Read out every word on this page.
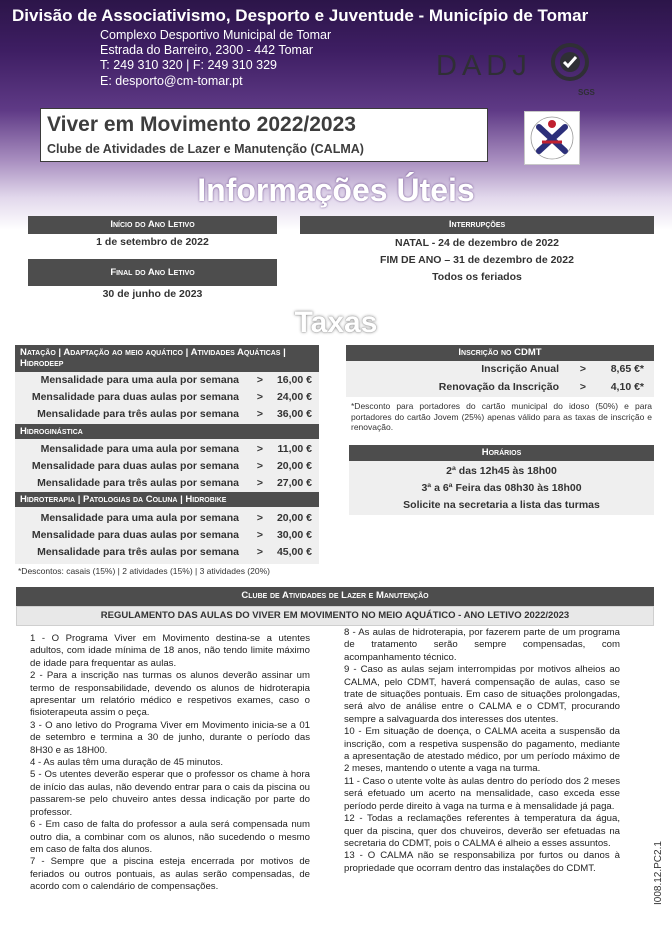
Divisão de Associativismo, Desporto e Juventude - Município de Tomar
Complexo Desportivo Municipal de Tomar
Estrada do Barreiro, 2300 - 442 Tomar
T: 249 310 320 | F: 249 310 329
E: desporto@cm-tomar.pt	DADJ
SGS
Viver em Movimento 2022/2023
Clube de Atividades de Lazer e Manutenção (CALMA)
Informações Úteis
Início do Ano Letivo
1 de setembro de 2022
Final do Ano Letivo
30 de junho de 2023
Interrupções
NATAL - 24 de dezembro de 2022
FIM DE ANO – 31 de dezembro de 2022
Todos os feriados
Taxas
Natação | Adaptação ao meio aquático | Atividades Aquáticas | Hidrodeep
Mensalidade para uma aula por semana > 16,00 €
Mensalidade para duas aulas por semana > 24,00 €
Mensalidade para três aulas por semana > 36,00 €
Hidroginástica
Mensalidade para uma aula por semana > 11,00 €
Mensalidade para duas aulas por semana > 20,00 €
Mensalidade para três aulas por semana > 27,00 €
Hidroterapia | Patologias da Coluna | Hidrobike
Mensalidade para uma aula por semana > 20,00 €
Mensalidade para duas aulas por semana > 30,00 €
Mensalidade para três aulas por semana > 45,00 €
*Descontos: casais (15%) | 2 atividades (15%) | 3 atividades (20%)
Inscrição no CDMT
Inscrição Anual > 8,65 €*
Renovação da Inscrição > 4,10 €*
*Desconto para portadores do cartão municipal do idoso (50%) e para portadores do cartão Jovem (25%) apenas válido para as taxas de inscrição e renovação.
Horários
2ª das 12h45 às 18h00
3ª a 6ª Feira das 08h30 às 18h00
Solicite na secretaria a lista das turmas
Clube de Atividades de Lazer e Manutenção
REGULAMENTO DAS AULAS DO VIVER EM MOVIMENTO NO MEIO AQUÁTICO - ANO LETIVO 2022/2023

1 - O Programa Viver em Movimento destina-se a utentes adultos, com idade mínima de 18 anos, não tendo limite máximo de idade para frequentar as aulas.

2 - Para a inscrição nas turmas os alunos deverão assinar um termo de responsabilidade, devendo os alunos de hidroterapia apresentar um relatório médico e respetivos exames, caso o fisioterapeuta assim o peça.

3 - O ano letivo do Programa Viver em Movimento inicia-se a 01 de setembro e termina a 30 de junho, durante o período das 8H30 e as 18H00.

4 - As aulas têm uma duração de 45 minutos.

5 - Os utentes deverão esperar que o professor os chame à hora de início das aulas, não devendo entrar para o cais da piscina ou passarem-se pelo chuveiro antes dessa indicação por parte do professor.

6 - Em caso de falta do professor a aula será compensada num outro dia, a combinar com os alunos, não sucedendo o mesmo em caso de falta dos alunos.

7 - Sempre que a piscina esteja encerrada por motivos de feriados ou outros pontuais, as aulas serão compensadas, de acordo com o calendário de compensações.

8 - As aulas de hidroterapia, por fazerem parte de um programa de tratamento serão sempre compensadas, com acompanhamento técnico.

9 - Caso as aulas sejam interrompidas por motivos alheios ao CALMA, pelo CDMT, haverá compensação de aulas, caso se trate de situações pontuais. Em caso de situações prolongadas, será alvo de análise entre o CALMA e o CDMT, procurando sempre a salvaguarda dos interesses dos utentes.

10 - Em situação de doença, o CALMA aceita a suspensão da inscrição, com a respetiva suspensão do pagamento, mediante a apresentação de atestado médico, por um período máximo de 2 meses, mantendo o utente a vaga na turma.

11 - Caso o utente volte às aulas dentro do período dos 2 meses será efetuado um acerto na mensalidade, caso exceda esse período perde direito à vaga na turma e à mensalidade já paga.

12 - Todas a reclamações referentes à temperatura da água, quer da piscina, quer dos chuveiros, deverão ser efetuadas na secretaria do CDMT, pois o CALMA é alheio a esses assuntos.

13 - O CALMA não se responsabiliza por furtos ou danos à propriedade que ocorram dentro das instalações do CDMT.	I008.12.PC2.1
